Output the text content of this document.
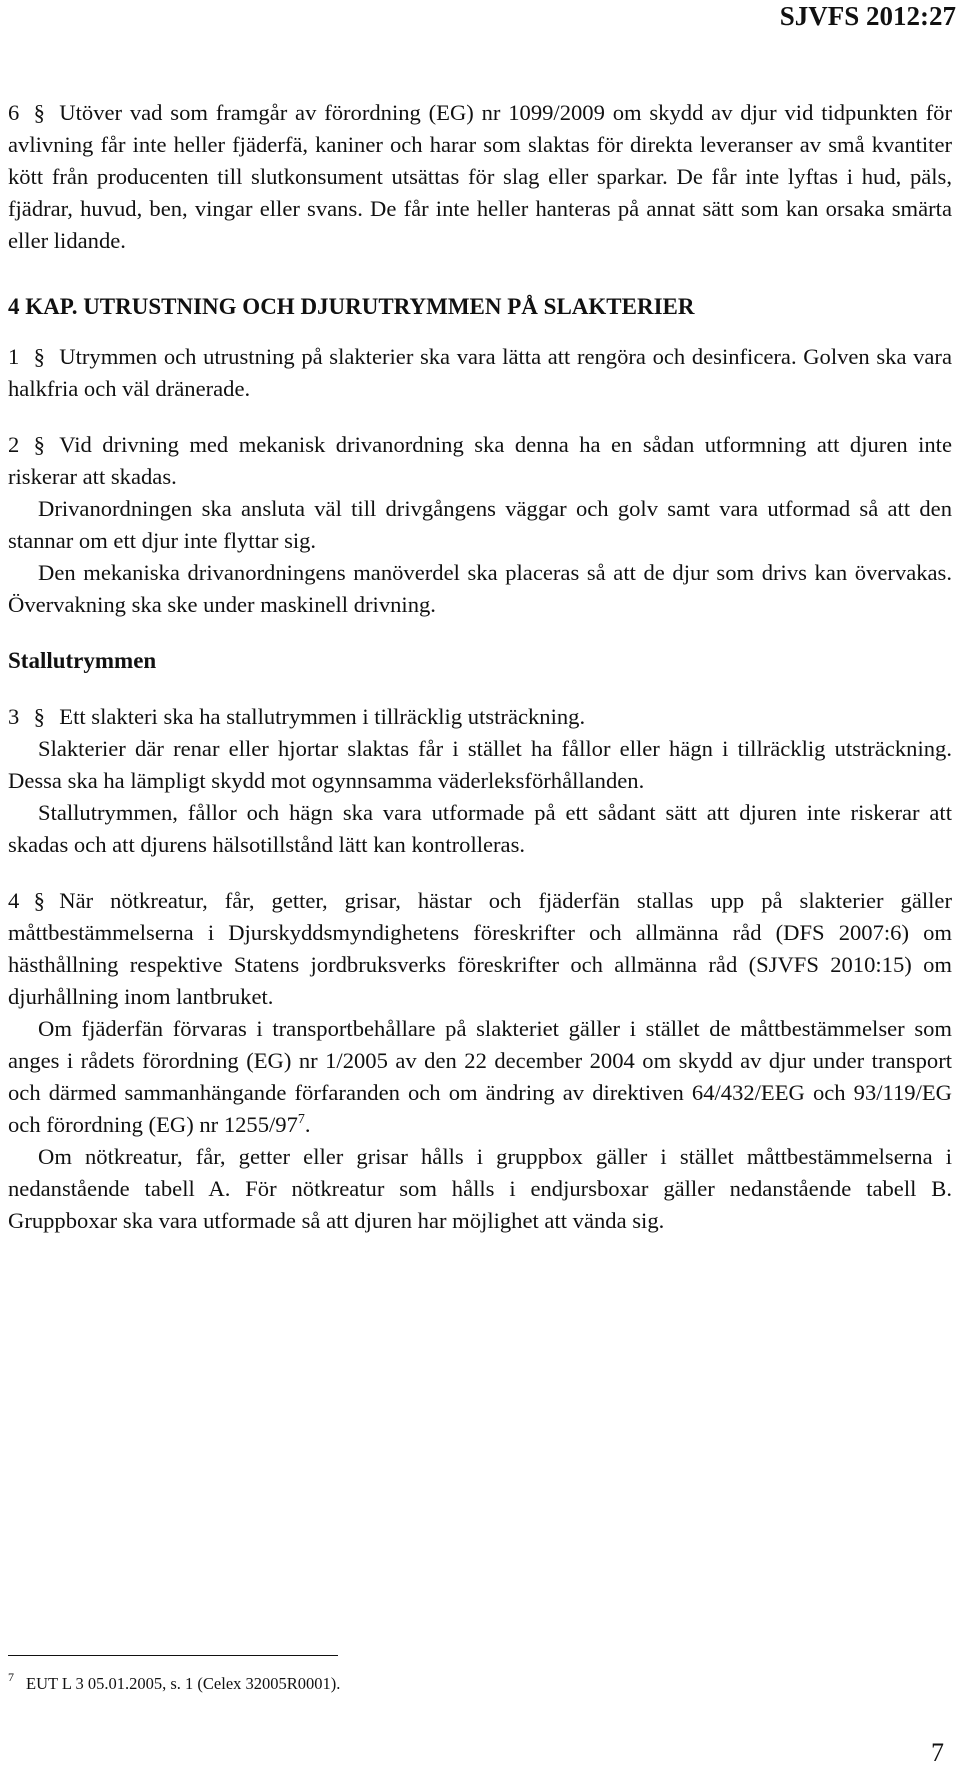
SJVFS 2012:27

6 § Utöver vad som framgår av förordning (EG) nr 1099/2009 om skydd av djur vid tidpunkten för avlivning får inte heller fjäderfä, kaniner och harar som slaktas för direkta leveranser av små kvantiter kött från producenten till slutkonsument utsättas för slag eller sparkar. De får inte lyftas i hud, päls, fjädrar, huvud, ben, vingar eller svans. De får inte heller hanteras på annat sätt som kan orsaka smärta eller lidande.

4 KAP. UTRUSTNING OCH DJURUTRYMMEN PÅ SLAKTERIER

1 § Utrymmen och utrustning på slakterier ska vara lätta att rengöra och desinficera. Golven ska vara halkfria och väl dränerade.

2 § Vid drivning med mekanisk drivanordning ska denna ha en sådan utformning att djuren inte riskerar att skadas.

Drivanordningen ska ansluta väl till drivgångens väggar och golv samt vara utformad så att den stannar om ett djur inte flyttar sig.

Den mekaniska drivanordningens manöverdel ska placeras så att de djur som drivs kan övervakas. Övervakning ska ske under maskinell drivning.

Stallutrymmen

3 § Ett slakteri ska ha stallutrymmen i tillräcklig utsträckning.

Slakterier där renar eller hjortar slaktas får i stället ha fållor eller hägn i tillräcklig utsträckning. Dessa ska ha lämpligt skydd mot ogynnsamma väderleksförhållanden.

Stallutrymmen, fållor och hägn ska vara utformade på ett sådant sätt att djuren inte riskerar att skadas och att djurens hälsotillstånd lätt kan kontrolleras.

4 § När nötkreatur, får, getter, grisar, hästar och fjäderfän stallas upp på slakterier gäller måttbestämmelserna i Djurskyddsmyndighetens föreskrifter och allmänna råd (DFS 2007:6) om hästhållning respektive Statens jordbruksverks föreskrifter och allmänna råd (SJVFS 2010:15) om djurhållning inom lantbruket.

Om fjäderfän förvaras i transportbehållare på slakteriet gäller i stället de måttbestämmelser som anges i rådets förordning (EG) nr 1/2005 av den 22 december 2004 om skydd av djur under transport och därmed sammanhängande förfaranden och om ändring av direktiven 64/432/EEG och 93/119/EG och förordning (EG) nr $1255/97^7$.

Om nötkreatur, får, getter eller grisar hålls i gruppbox gäller i stället måttbestämmelserna i nedanstående tabell A. För nötkreatur som hålls i endjursboxar gäller nedanstående tabell B. Gruppboxar ska vara utformade så att djuren har möjlighet att vända sig.

$^7$ EUT L 3 05.01.2005, s. 1 (Celex 32005R0001).
7
